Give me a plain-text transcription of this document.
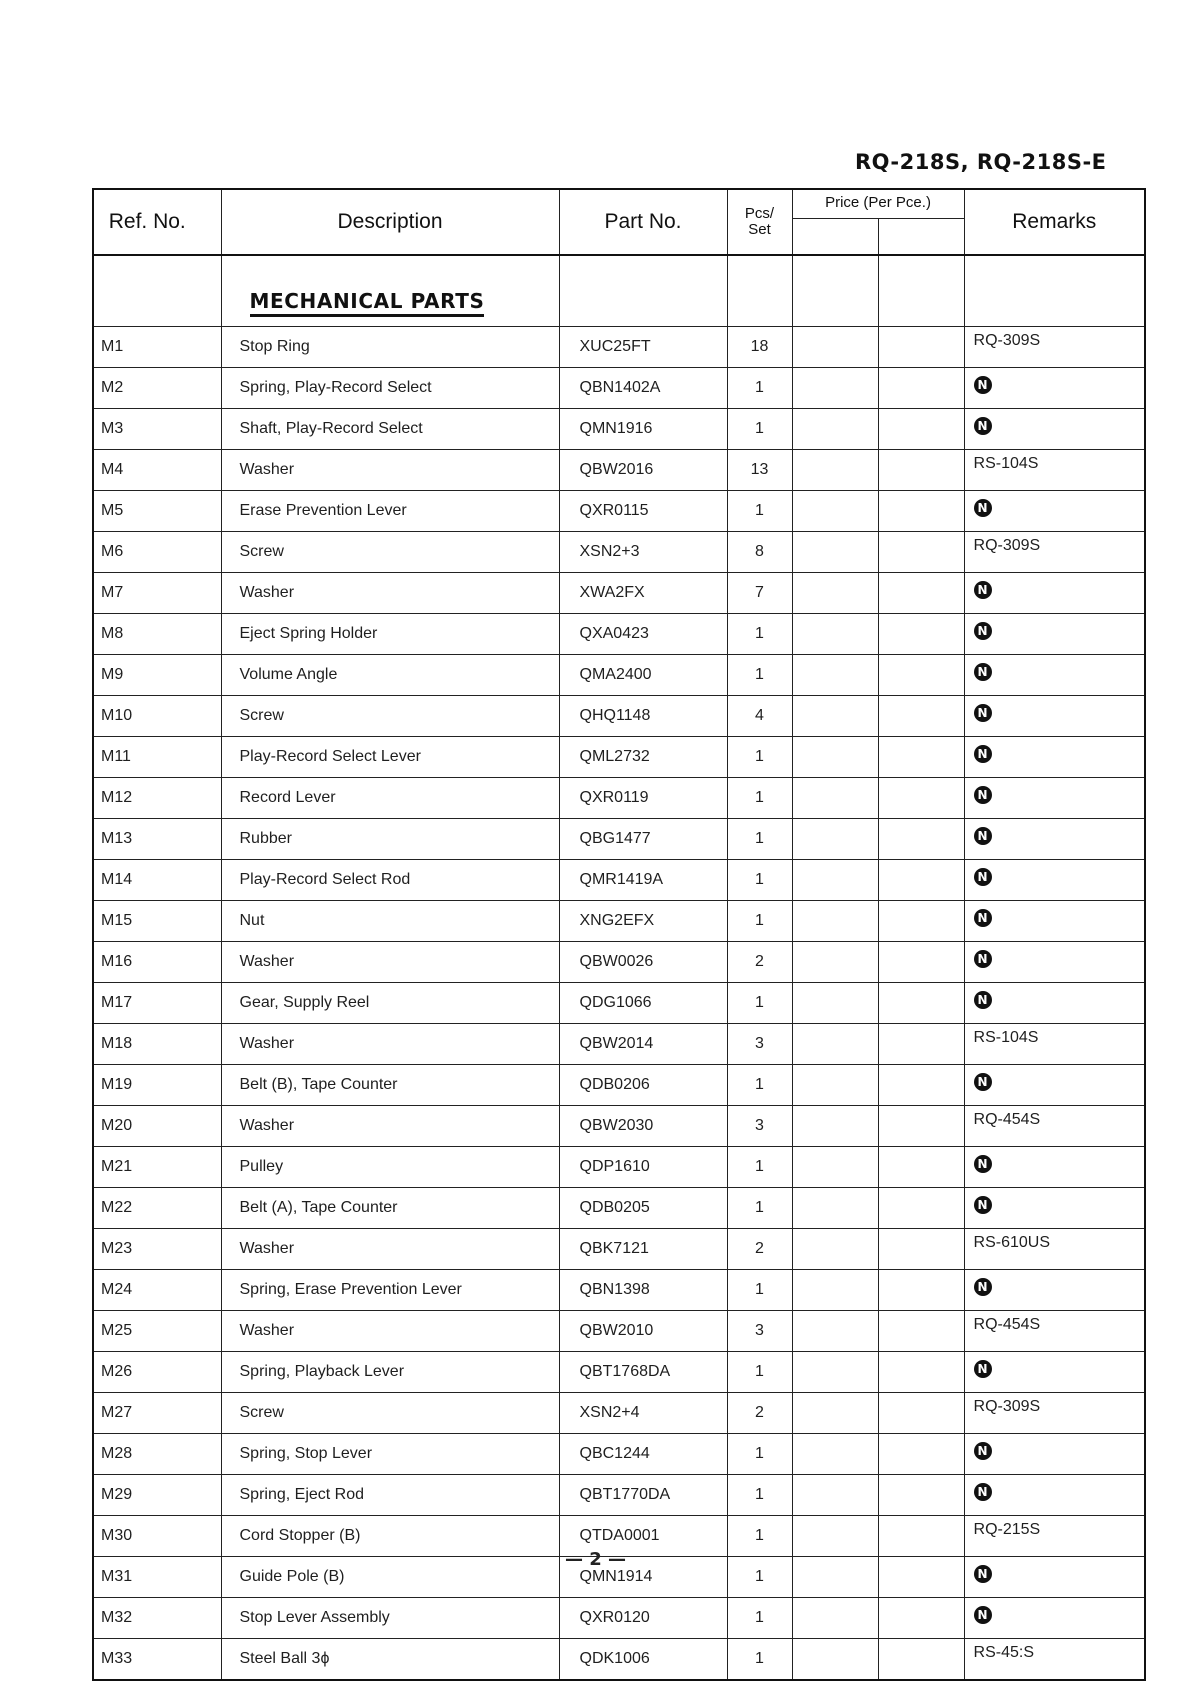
RQ-218S, RQ-218S-E
Ref. No.	Description	Part No.	Pcs/
Set	Price (Per Pce.)		Remarks

	MECHANICAL PARTS					
M1	Stop Ring	XUC25FT	18			RQ-309S
M2	Spring, Play-Record Select	QBN1402A	1			N
M3	Shaft, Play-Record Select	QMN1916	1			N
M4	Washer	QBW2016	13			RS-104S
M5	Erase Prevention Lever	QXR0115	1			N
M6	Screw	XSN2+3	8			RQ-309S
M7	Washer	XWA2FX	7			N
M8	Eject Spring Holder	QXA0423	1			N
M9	Volume Angle	QMA2400	1			N
M10	Screw	QHQ1148	4			N
M11	Play-Record Select Lever	QML2732	1			N
M12	Record Lever	QXR0119	1			N
M13	Rubber	QBG1477	1			N
M14	Play-Record Select Rod	QMR1419A	1			N
M15	Nut	XNG2EFX	1			N
M16	Washer	QBW0026	2			N
M17	Gear, Supply Reel	QDG1066	1			N
M18	Washer	QBW2014	3			RS-104S
M19	Belt (B), Tape Counter	QDB0206	1			N
M20	Washer	QBW2030	3			RQ-454S
M21	Pulley	QDP1610	1			N
M22	Belt (A), Tape Counter	QDB0205	1			N
M23	Washer	QBK7121	2			RS-610US
M24	Spring, Erase Prevention Lever	QBN1398	1			N
M25	Washer	QBW2010	3			RQ-454S
M26	Spring, Playback Lever	QBT1768DA	1			N
M27	Screw	XSN2+4	2			RQ-309S
M28	Spring, Stop Lever	QBC1244	1			N
M29	Spring, Eject Rod	QBT1770DA	1			N
M30	Cord Stopper (B)	QTDA0001	1			RQ-215S
M31	Guide Pole (B)	QMN1914	1			N
M32	Stop Lever Assembly	QXR0120	1			N
M33	Steel Ball 3ϕ	QDK1006	1			RS-45:S
— 2 —
